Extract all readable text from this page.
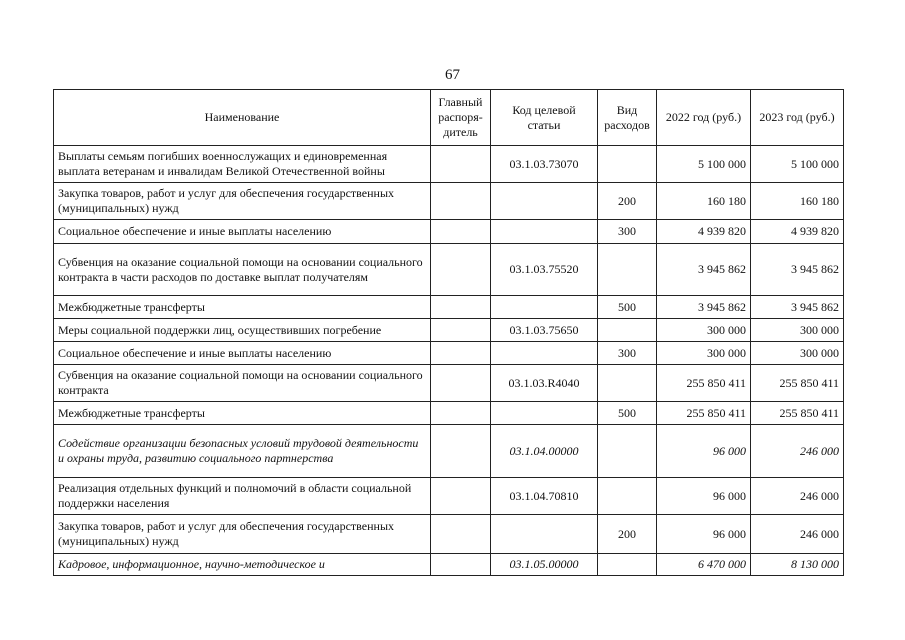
67
Наименование	Главный распоря-дитель	Код целевой статьи	Вид расходов	2022 год (руб.)	2023 год (руб.)
Выплаты семьям погибших военнослужащих и единовременная выплата ветеранам и инвалидам Великой Отечественной войны		03.1.03.73070		5 100 000	5 100 000
Закупка товаров, работ и услуг для обеспечения государственных (муниципальных) нужд			200	160 180	160 180
Социальное обеспечение и иные выплаты населению			300	4 939 820	4 939 820
Субвенция на оказание социальной помощи на основании социального контракта в части расходов по доставке выплат получателям		03.1.03.75520		3 945 862	3 945 862
Межбюджетные трансферты			500	3 945 862	3 945 862
Меры социальной поддержки лиц, осуществивших погребение		03.1.03.75650		300 000	300 000
Социальное обеспечение и иные выплаты населению			300	300 000	300 000
Субвенция на оказание социальной помощи на основании социального контракта		03.1.03.R4040		255 850 411	255 850 411
Межбюджетные трансферты			500	255 850 411	255 850 411
Содействие организации безопасных условий трудовой деятельности и охраны труда, развитию социального партнерства		03.1.04.00000		96 000	246 000
Реализация отдельных функций и полномочий в области социальной поддержки населения		03.1.04.70810		96 000	246 000
Закупка товаров, работ и услуг для обеспечения государственных (муниципальных) нужд			200	96 000	246 000
Кадровое, информационное, научно-методическое и		03.1.05.00000		6 470 000	8 130 000
